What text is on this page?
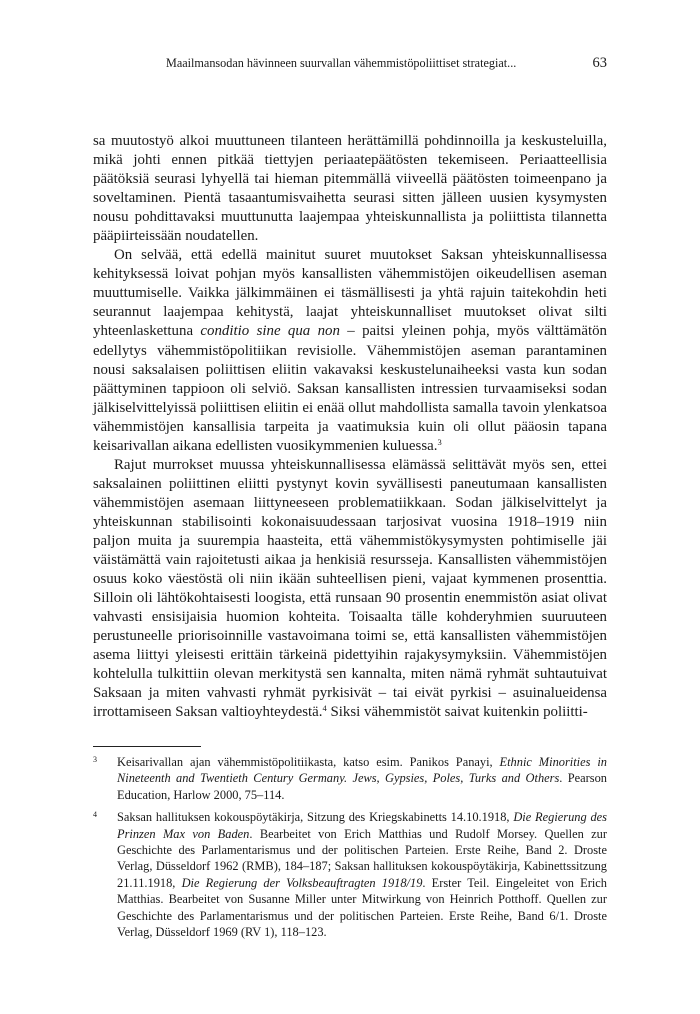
Maailmansodan hävinneen suurvallan vähemmistöpoliittiset strategiat...	63

sa muutostyö alkoi muuttuneen tilanteen herättämillä pohdinnoilla ja keskusteluilla, mikä johti ennen pitkää tiettyjen periaatepäätösten tekemiseen. Periaatteellisia päätöksiä seurasi lyhyellä tai hieman pitemmällä viiveellä päätösten toimeenpano ja soveltaminen. Pientä tasaantumisvaihetta seurasi sitten jälleen uusien kysymysten nousu pohdittavaksi muuttunutta laajempaa yhteiskunnallista ja poliittista tilannetta pääpiirteissään noudatellen.

On selvää, että edellä mainitut suuret muutokset Saksan yhteiskunnallisessa kehityksessä loivat pohjan myös kansallisten vähemmistöjen oikeudellisen aseman muuttumiselle. Vaikka jälkimmäinen ei täsmällisesti ja yhtä rajuin taitekohdin heti seurannut laajempaa kehitystä, laajat yhteiskunnalliset muutokset olivat silti yhteenlaskettuna conditio sine qua non – paitsi yleinen pohja, myös välttämätön edellytys vähemmistöpolitiikan revisiolle. Vähemmistöjen aseman parantaminen nousi saksalaisen poliittisen eliitin vakavaksi keskustelunaiheeksi vasta kun sodan päättyminen tappioon oli selviö. Saksan kansallisten intressien turvaamiseksi sodan jälkiselvittelyissä poliittisen eliitin ei enää ollut mahdollista samalla tavoin ylenkatsoa vähemmistöjen kansallisia tarpeita ja vaatimuksia kuin oli ollut pääosin tapana keisarivallan aikana edellisten vuosikymmenien kuluessa.$^3$

Rajut murrokset muussa yhteiskunnallisessa elämässä selittävät myös sen, ettei saksalainen poliittinen eliitti pystynyt kovin syvällisesti paneutumaan kansallisten vähemmistöjen asemaan liittyneeseen problematiikkaan. Sodan jälkiselvittelyt ja yhteiskunnan stabilisointi kokonaisuudessaan tarjosivat vuosina 1918–1919 niin paljon muita ja suurempia haasteita, että vähemmistökysymysten pohtimiselle jäi väistämättä vain rajoitetusti aikaa ja henkisiä resursseja. Kansallisten vähemmistöjen osuus koko väestöstä oli niin ikään suhteellisen pieni, vajaat kymmenen prosenttia. Silloin oli lähtökohtaisesti loogista, että runsaan 90 prosentin enemmistön asiat olivat vahvasti ensisijaisia huomion kohteita. Toisaalta tälle kohderyhmien suuruuteen perustuneelle priorisoinnille vastavoimana toimi se, että kansallisten vähemmistöjen asema liittyi yleisesti erittäin tärkeinä pidettyihin rajakysymyksiin. Vähemmistöjen kohtelulla tulkittiin olevan merkitystä sen kannalta, miten nämä ryhmät suhtautuivat Saksaan ja miten vahvasti ryhmät pyrkisivät – tai eivät pyrkisi – asuinalueidensa irrottamiseen Saksan valtioyhteydestä.$^4$ Siksi vähemmistöt saivat kuitenkin poliitti-

3 Keisarivallan ajan vähemmistöpolitiikasta, katso esim. Panikos Panayi, Ethnic Minorities in Nineteenth and Twentieth Century Germany. Jews, Gypsies, Poles, Turks and Others. Pearson Education, Harlow 2000, 75–114.
4 Saksan hallituksen kokouspöytäkirja, Sitzung des Kriegskabinetts 14.10.1918, Die Regierung des Prinzen Max von Baden. Bearbeitet von Erich Matthias und Rudolf Morsey. Quellen zur Geschichte des Parlamentarismus und der politischen Parteien. Erste Reihe, Band 2. Droste Verlag, Düsseldorf 1962 (RMB), 184–187; Saksan hallituksen kokouspöytäkirja, Kabinettssitzung 21.11.1918, Die Regierung der Volksbeauftragten 1918/19. Erster Teil. Eingeleitet von Erich Matthias. Bearbeitet von Susanne Miller unter Mitwirkung von Heinrich Potthoff. Quellen zur Geschichte des Parlamentarismus und der politischen Parteien. Erste Reihe, Band 6/1. Droste Verlag, Düsseldorf 1969 (RV 1), 118–123.
